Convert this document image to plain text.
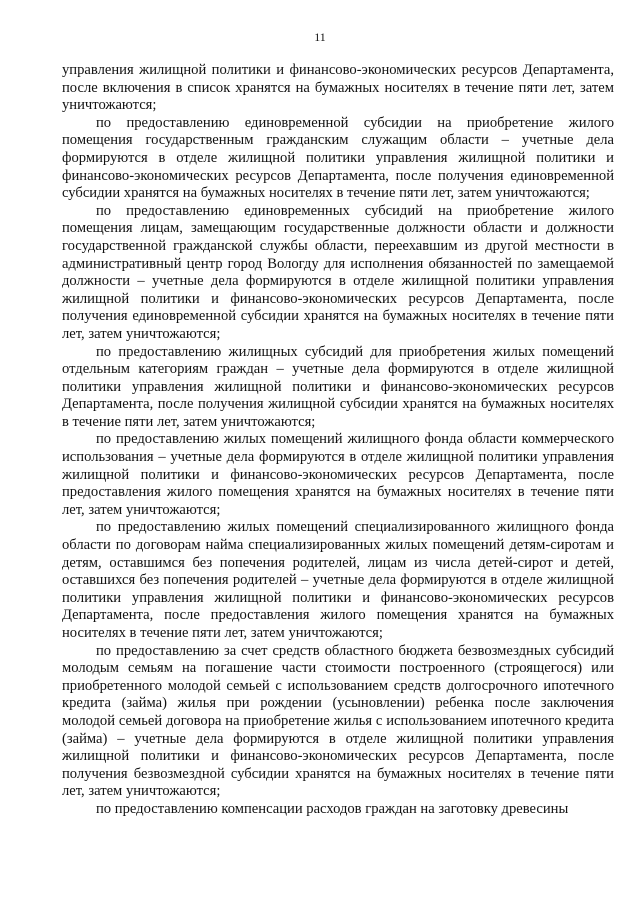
11

управления жилищной политики и финансово-экономических ресурсов Департамента, после включения в список хранятся на бумажных носителях в течение пяти лет, затем уничтожаются;

по предоставлению единовременной субсидии на приобретение жилого помещения государственным гражданским служащим области – учетные дела формируются в отделе жилищной политики управления жилищной политики и финансово-экономических ресурсов Департамента, после получения единовременной субсидии хранятся на бумажных носителях в течение пяти лет, затем уничтожаются;

по предоставлению единовременных субсидий на приобретение жилого помещения лицам, замещающим государственные должности области и должности государственной гражданской службы области, переехавшим из другой местности в административный центр город Вологду для исполнения обязанностей по замещаемой должности – учетные дела формируются в отделе жилищной политики управления жилищной политики и финансово-экономических ресурсов Департамента, после получения единовременной субсидии хранятся на бумажных носителях в течение пяти лет, затем уничтожаются;

по предоставлению жилищных субсидий для приобретения жилых помещений отдельным категориям граждан – учетные дела формируются в отделе жилищной политики управления жилищной политики и финансово-экономических ресурсов Департамента, после получения жилищной субсидии хранятся на бумажных носителях в течение пяти лет, затем уничтожаются;

по предоставлению жилых помещений жилищного фонда области коммерческого использования – учетные дела формируются в отделе жилищной политики управления жилищной политики и финансово-экономических ресурсов Департамента, после предоставления жилого помещения хранятся на бумажных носителях в течение пяти лет, затем уничтожаются;

по предоставлению жилых помещений специализированного жилищного фонда области по договорам найма специализированных жилых помещений детям-сиротам и детям, оставшимся без попечения родителей, лицам из числа детей-сирот и детей, оставшихся без попечения родителей – учетные дела формируются в отделе жилищной политики управления жилищной политики и финансово-экономических ресурсов Департамента, после предоставления жилого помещения хранятся на бумажных носителях в течение пяти лет, затем уничтожаются;

по предоставлению за счет средств областного бюджета безвозмездных субсидий молодым семьям на погашение части стоимости построенного (строящегося) или приобретенного молодой семьей с использованием средств долгосрочного ипотечного кредита (займа) жилья при рождении (усыновлении) ребенка после заключения молодой семьей договора на приобретение жилья с использованием ипотечного кредита (займа) – учетные дела формируются в отделе жилищной политики управления жилищной политики и финансово-экономических ресурсов Департамента, после получения безвозмездной субсидии хранятся на бумажных носителях в течение пяти лет, затем уничтожаются;

по предоставлению компенсации расходов граждан на заготовку древесины
